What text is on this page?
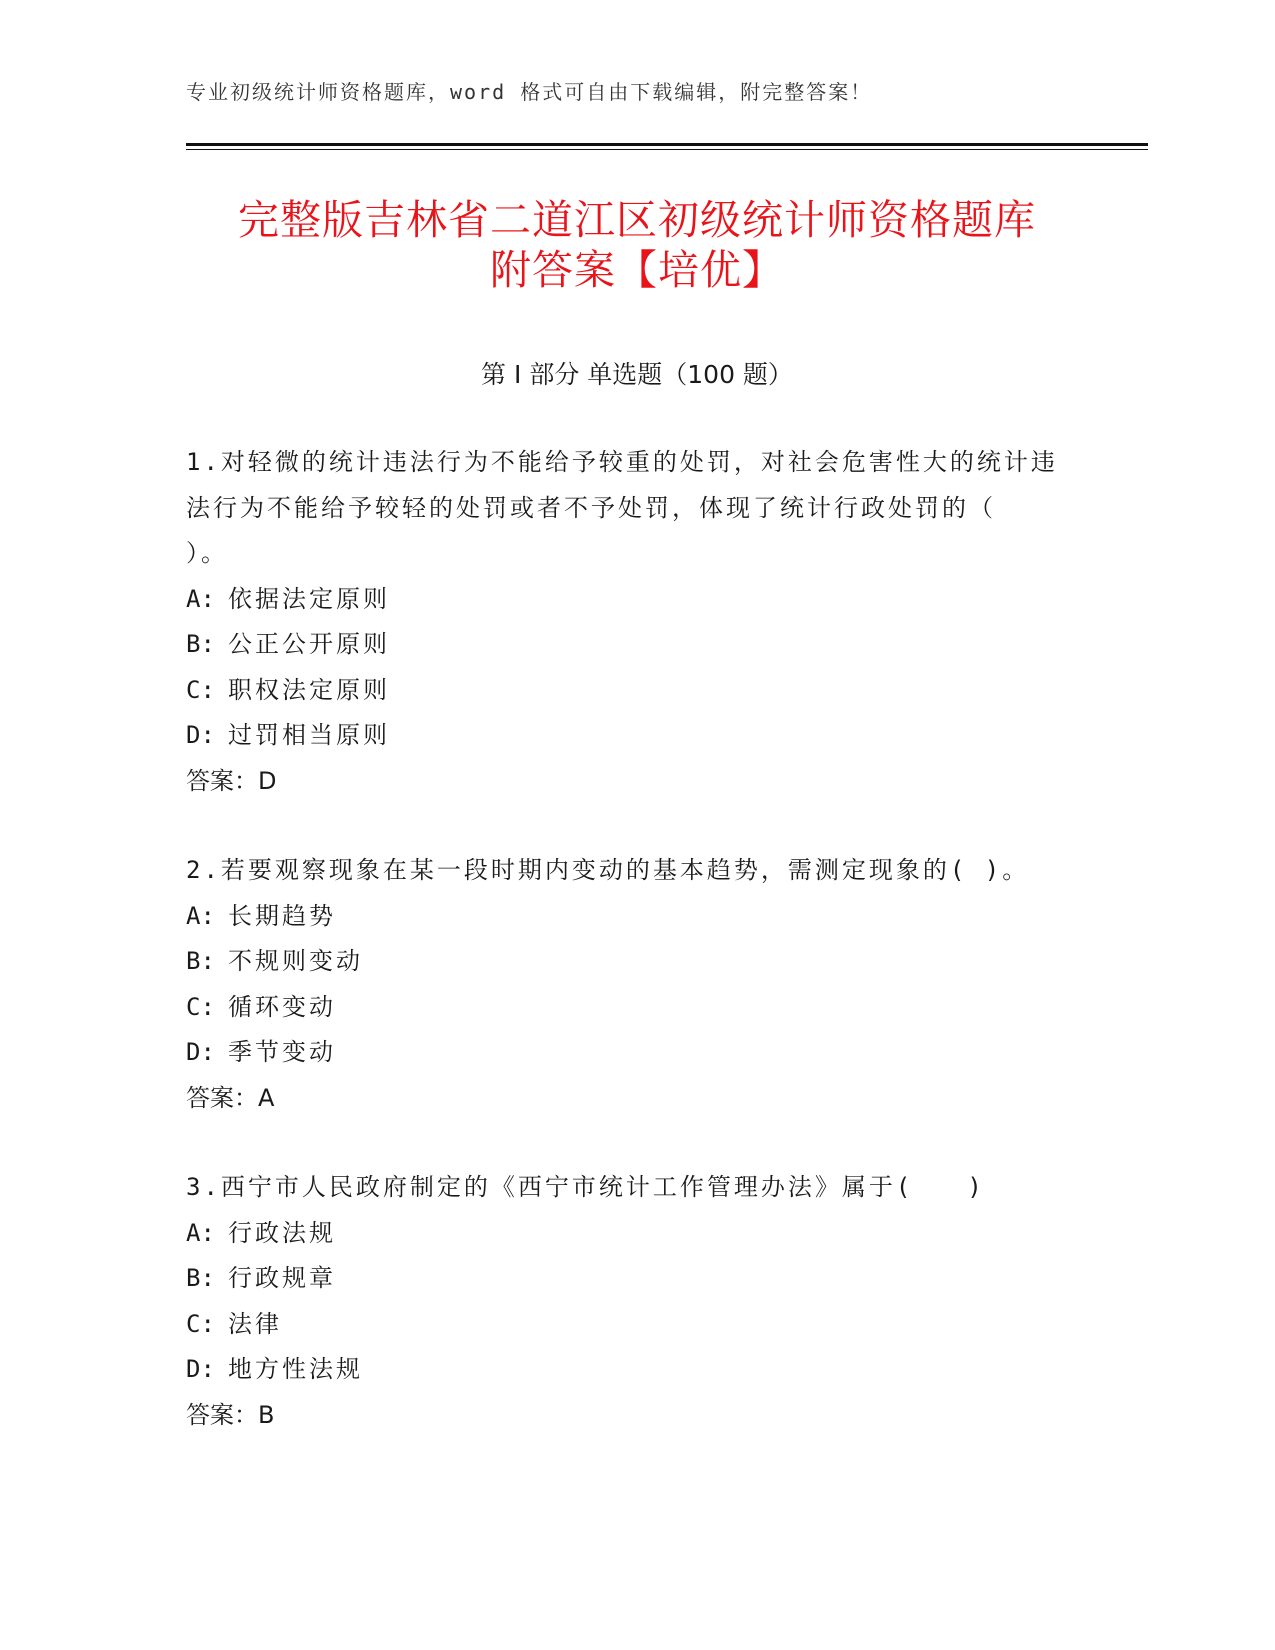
专业初级统计师资格题库，word 格式可自由下载编辑，附完整答案！
完整版吉林省二道江区初级统计师资格题库
附答案【培优】
第 I 部分 单选题（100 题）
1.对轻微的统计违法行为不能给予较重的处罚，对社会危害性大的统计违法行为不能给予较轻的处罚或者不予处罚，体现了统计行政处罚的（　　　）。
A: 依据法定原则
B: 公正公开原则
C: 职权法定原则
D: 过罚相当原则
答案：D
2.若要观察现象在某一段时期内变动的基本趋势，需测定现象的( )。
A: 长期趋势
B: 不规则变动
C: 循环变动
D: 季节变动
答案：A
3.西宁市人民政府制定的《西宁市统计工作管理办法》属于(　　)
A: 行政法规
B: 行政规章
C: 法律
D: 地方性法规
答案：B
